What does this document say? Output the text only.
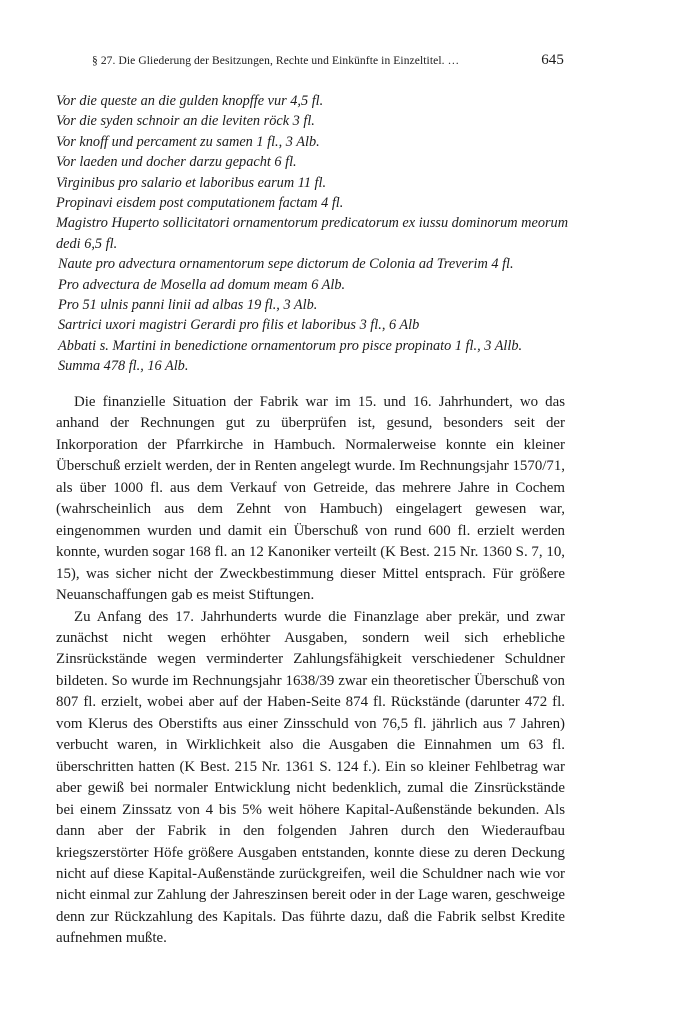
§ 27. Die Gliederung der Besitzungen, Rechte und Einkünfte in Einzeltitel. …	645
Vor die queste an die gulden knopffe vur 4,5 fl.
Vor die syden schnoir an die leviten röck 3 fl.
Vor knoff und percament zu samen 1 fl., 3 Alb.
Vor laeden und docher darzu gepacht 6 fl.
Virginibus pro salario et laboribus earum 11 fl.
Propinavi eisdem post computationem factam 4 fl.
Magistro Huperto sollicitatori ornamentorum predicatorum ex iussu dominorum meorum dedi 6,5 fl.
Naute pro advectura ornamentorum sepe dictorum de Colonia ad Treverim 4 fl.
Pro advectura de Mosella ad domum meam 6 Alb.
Pro 51 ulnis panni linii ad albas 19 fl., 3 Alb.
Sartrici uxori magistri Gerardi pro filis et laboribus 3 fl., 6 Alb
Abbati s. Martini in benedictione ornamentorum pro pisce propinato 1 fl., 3 Allb.
Summa 478 fl., 16 Alb.

Die finanzielle Situation der Fabrik war im 15. und 16. Jahrhundert, wo das anhand der Rechnungen gut zu überprüfen ist, gesund, besonders seit der Inkorporation der Pfarrkirche in Hambuch. Normalerweise konnte ein kleiner Überschuß erzielt werden, der in Renten angelegt wurde. Im Rechnungsjahr 1570/71, als über 1000 fl. aus dem Verkauf von Getreide, das mehrere Jahre in Cochem (wahrscheinlich aus dem Zehnt von Hambuch) eingelagert gewesen war, eingenommen wurden und damit ein Überschuß von rund 600 fl. erzielt werden konnte, wurden sogar 168 fl. an 12 Kanoniker verteilt (K Best. 215 Nr. 1360 S. 7, 10, 15), was sicher nicht der Zweckbestimmung dieser Mittel entsprach. Für größere Neuanschaffungen gab es meist Stiftungen.

Zu Anfang des 17. Jahrhunderts wurde die Finanzlage aber prekär, und zwar zunächst nicht wegen erhöhter Ausgaben, sondern weil sich erhebliche Zinsrückstände wegen verminderter Zahlungsfähigkeit verschiedener Schuldner bildeten. So wurde im Rechnungsjahr 1638/39 zwar ein theoretischer Überschuß von 807 fl. erzielt, wobei aber auf der Haben-Seite 874 fl. Rückstände (darunter 472 fl. vom Klerus des Oberstifts aus einer Zinsschuld von 76,5 fl. jährlich aus 7 Jahren) verbucht waren, in Wirklichkeit also die Ausgaben die Einnahmen um 63 fl. überschritten hatten (K Best. 215 Nr. 1361 S. 124 f.). Ein so kleiner Fehlbetrag war aber gewiß bei normaler Entwicklung nicht bedenklich, zumal die Zinsrückstände bei einem Zinssatz von 4 bis 5% weit höhere Kapital-Außenstände bekunden. Als dann aber der Fabrik in den folgenden Jahren durch den Wiederaufbau kriegszerstörter Höfe größere Ausgaben entstanden, konnte diese zu deren Deckung nicht auf diese Kapital-Außenstände zurückgreifen, weil die Schuldner nach wie vor nicht einmal zur Zahlung der Jahreszinsen bereit oder in der Lage waren, geschweige denn zur Rückzahlung des Kapitals. Das führte dazu, daß die Fabrik selbst Kredite aufnehmen mußte.
